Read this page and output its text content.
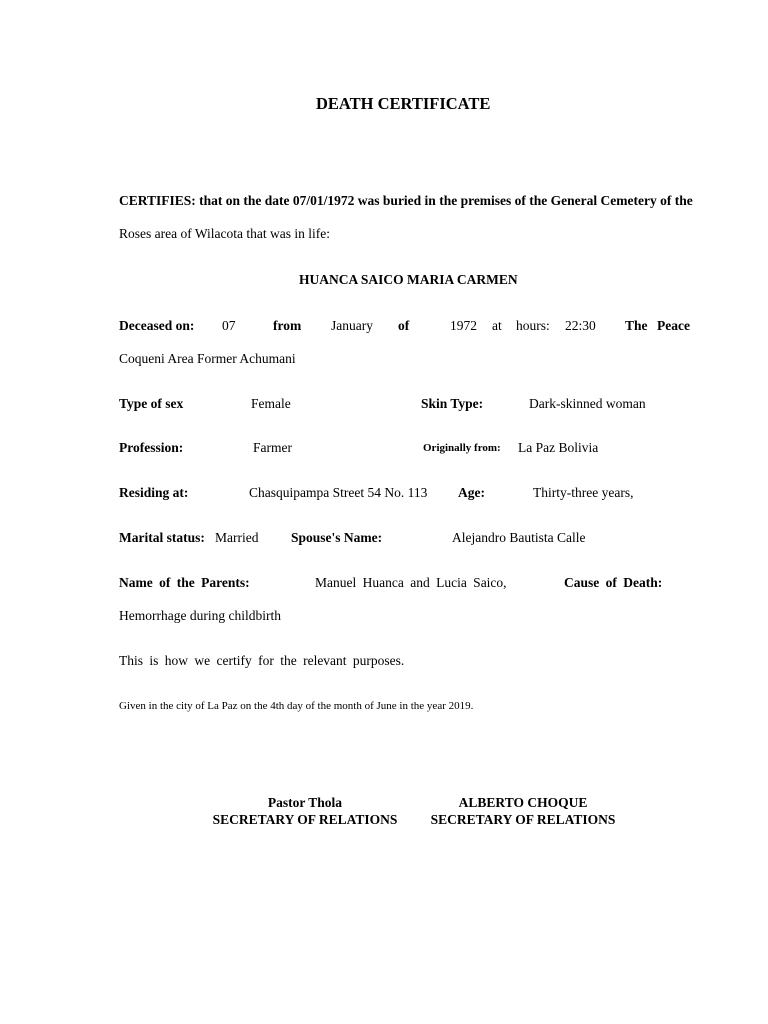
DEATH CERTIFICATE
CERTIFIES: that on the date 07/01/1972 was buried in the premises of the General Cemetery of the
Roses area of Wilacota that was in life:
HUANCA SAICO MARIA CARMEN
Deceased on: 07	from January of	1972 at hours: 22:30 The Peace
Coqueni Area Former Achumani
Type of sex	Female	Skin Type:	Dark-skinned woman
Profession:	Farmer	Originally from: La Paz Bolivia
Residing at:	Chasquipampa Street 54 No. 113 Age:	Thirty-three years,
Marital status: Married Spouse's Name:	Alejandro Bautista Calle
Name of the Parents:	Manuel Huanca and Lucia Saico,	Cause of Death:
Hemorrhage during childbirth
This is how we certify for the relevant purposes.
Given in the city of La Paz on the 4th day of the month of June in the year 2019.
Pastor Thola
SECRETARY OF RELATIONS
ALBERTO CHOQUE
SECRETARY OF RELATIONS
